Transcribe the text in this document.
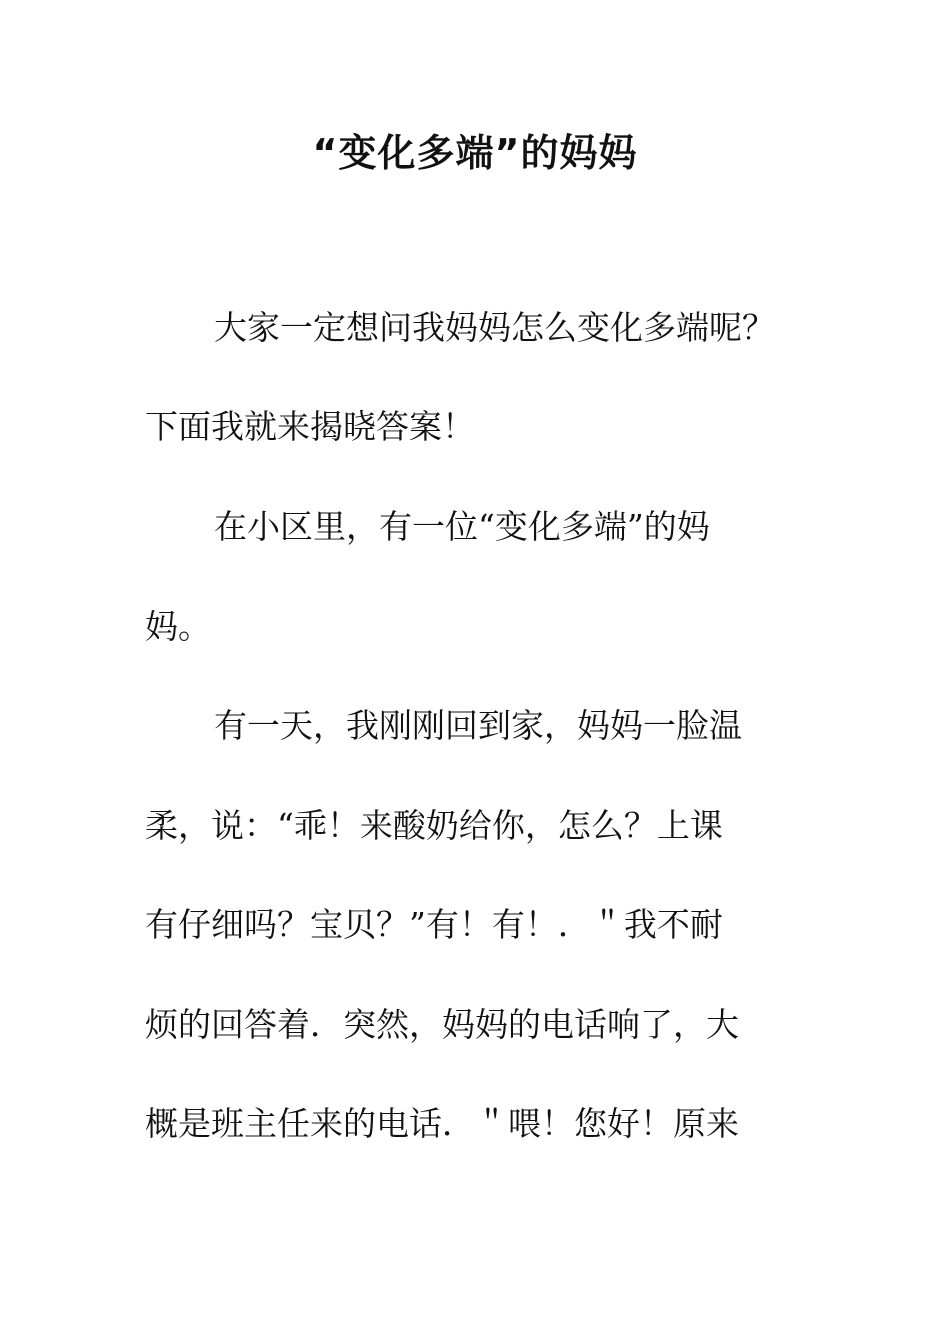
“变化多端”的妈妈

大家一定想问我妈妈怎么变化多端呢？

下面我就来揭晓答案！

在小区里，有一位“变化多端”的妈

妈。

有一天，我刚刚回到家，妈妈一脸温

柔，说：“乖！来酸奶给你，怎么？上课

有仔细吗？宝贝？”有！有！．＂我不耐

烦的回答着．突然，妈妈的电话响了，大

概是班主任来的电话．＂喂！您好！原来
